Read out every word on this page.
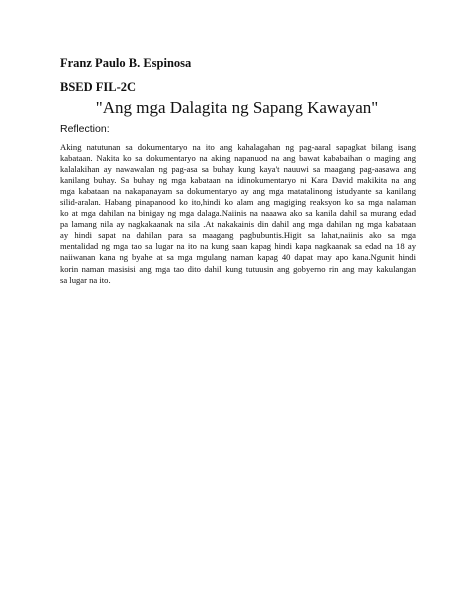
Franz Paulo B. Espinosa
BSED FIL-2C
"Ang mga Dalagita ng Sapang Kawayan"
Reflection:
Aking natutunan sa dokumentaryo na ito ang kahalagahan ng pag-aaral sapagkat bilang isang
kabataan. Nakita ko sa dokumentaryo na aking napanuod na ang bawat kababaihan o maging ang
kalalakihan ay nawawalan ng pag-asa sa buhay kung kaya't nauuwi sa maagang pag-aasawa ang
kanilang buhay. Sa buhay ng mga kabataan na idinokumentaryo ni Kara David makikita na ang
mga kabataan na nakapanayam sa dokumentaryo ay ang mga matatalinong istudyante sa kanilang
silid-aralan. Habang pinapanood ko ito,hindi ko alam ang magiging reaksyon ko sa mga nalaman
ko at mga dahilan na binigay ng mga dalaga.Naiinis na naaawa ako sa kanila dahil sa murang edad
pa lamang nila ay nagkakaanak na sila .At nakakainis din dahil ang mga dahilan ng mga kabataan
ay hindi sapat na dahilan para sa maagang pagbubuntis.Higit sa lahat,naiinis ako sa mga
mentalidad ng mga tao sa lugar na ito na kung saan kapag hindi kapa nagkaanak sa edad na 18 ay
naiiwanan kana ng byahe at sa mga mgulang naman kapag 40 dapat may apo kana.Ngunit hindi
korin naman masisisi ang mga tao dito dahil kung tutuusin ang gobyerno rin ang may kakulangan
sa lugar na ito.
